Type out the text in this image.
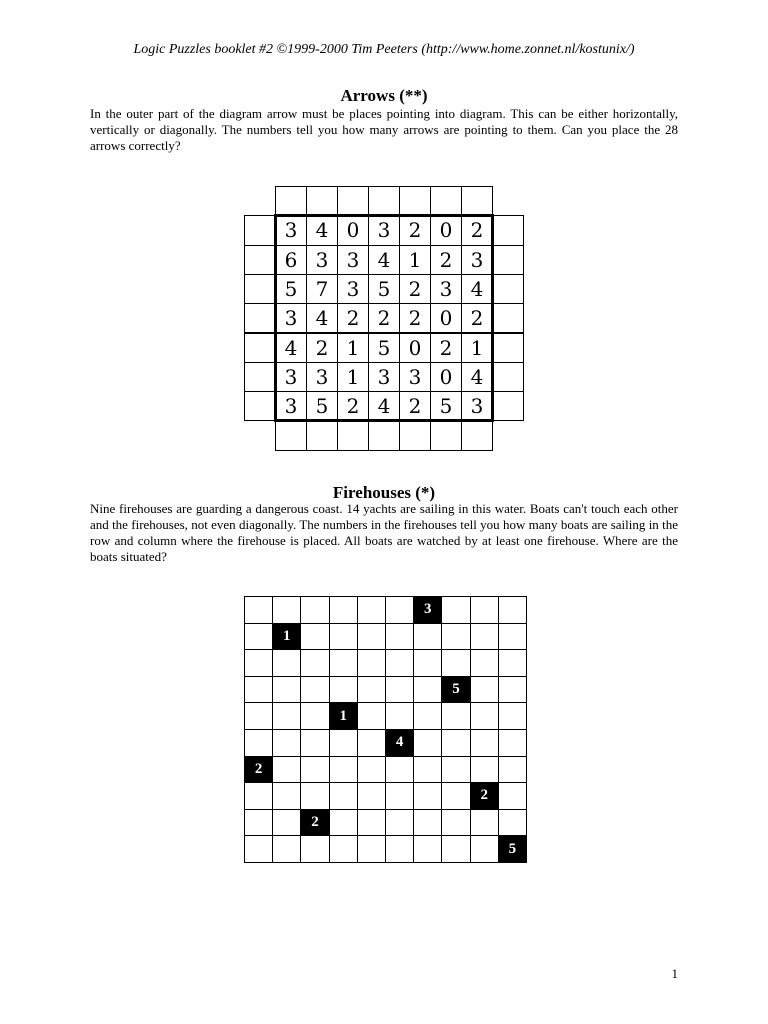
Logic Puzzles booklet #2 ©1999-2000 Tim Peeters (http://www.home.zonnet.nl/kostunix/)
Arrows (**)
In the outer part of the diagram arrow must be places pointing into diagram. This can be either horizontally, vertically or diagonally. The numbers tell you how many arrows are pointing to them. Can you place the 28 arrows correctly?
3 4 0 3 2 0 2
6 3 3 4 1 2 3
5 7 3 5 2 3 4
3 4 2 2 2 0 2
4 2 1 5 0 2 1
3 3 1 3 3 0 4
3 5 2 4 2 5 3
Firehouses (*)
Nine firehouses are guarding a dangerous coast. 14 yachts are sailing in this water. Boats can't touch each other and the firehouses, not even diagonally. The numbers in the firehouses tell you how many boats are sailing in the row and column where the firehouse is placed. All boats are watched by at least one firehouse. Where are the boats situated?
3
1
5
1
4
2
2
2
5
1
